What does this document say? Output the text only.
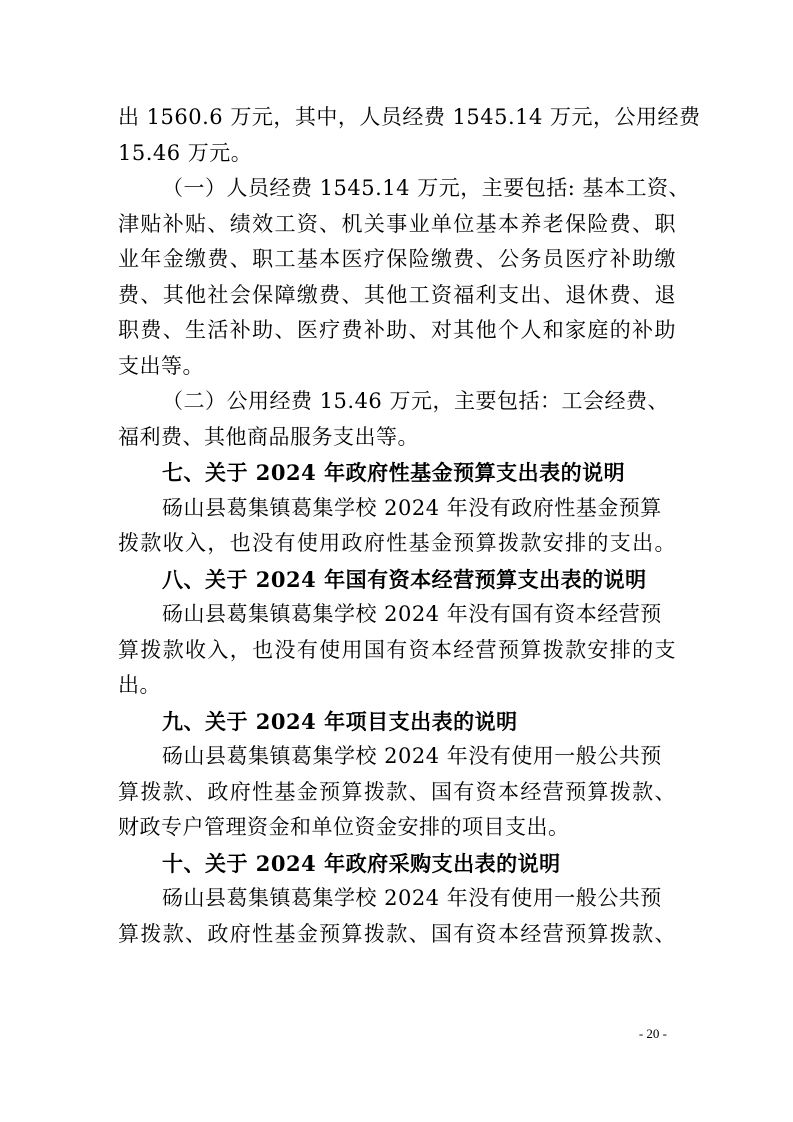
出 1560.6 万元，其中，人员经费 1545.14 万元，公用经费
15.46 万元。
（一）人员经费 1545.14 万元，主要包括: 基本工资、
津贴补贴、绩效工资、机关事业单位基本养老保险费、职
业年金缴费、职工基本医疗保险缴费、公务员医疗补助缴
费、其他社会保障缴费、其他工资福利支出、退休费、退
职费、生活补助、医疗费补助、对其他个人和家庭的补助
支出等。
（二）公用经费 15.46 万元，主要包括：工会经费、
福利费、其他商品服务支出等。
七、关于 2024 年政府性基金预算支出表的说明
砀山县葛集镇葛集学校 2024 年没有政府性基金预算
拨款收入，也没有使用政府性基金预算拨款安排的支出。
八、关于 2024 年国有资本经营预算支出表的说明
砀山县葛集镇葛集学校 2024 年没有国有资本经营预
算拨款收入，也没有使用国有资本经营预算拨款安排的支
出。
九、关于 2024 年项目支出表的说明
砀山县葛集镇葛集学校 2024 年没有使用一般公共预
算拨款、政府性基金预算拨款、国有资本经营预算拨款、
财政专户管理资金和单位资金安排的项目支出。
十、关于 2024 年政府采购支出表的说明
砀山县葛集镇葛集学校 2024 年没有使用一般公共预
算拨款、政府性基金预算拨款、国有资本经营预算拨款、
- 20 -
